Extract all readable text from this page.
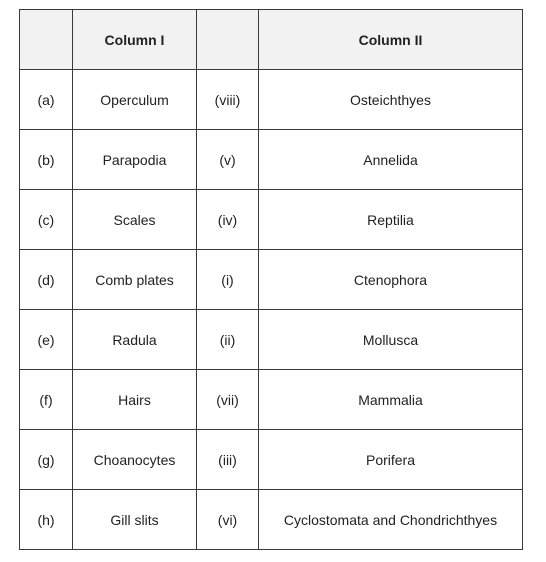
	Column I		Column II
(a)	Operculum	(viii)	Osteichthyes
(b)	Parapodia	(v)	Annelida
(c)	Scales	(iv)	Reptilia
(d)	Comb plates	(i)	Ctenophora
(e)	Radula	(ii)	Mollusca
(f)	Hairs	(vii)	Mammalia
(g)	Choanocytes	(iii)	Porifera
(h)	Gill slits	(vi)	Cyclostomata and Chondrichthyes
